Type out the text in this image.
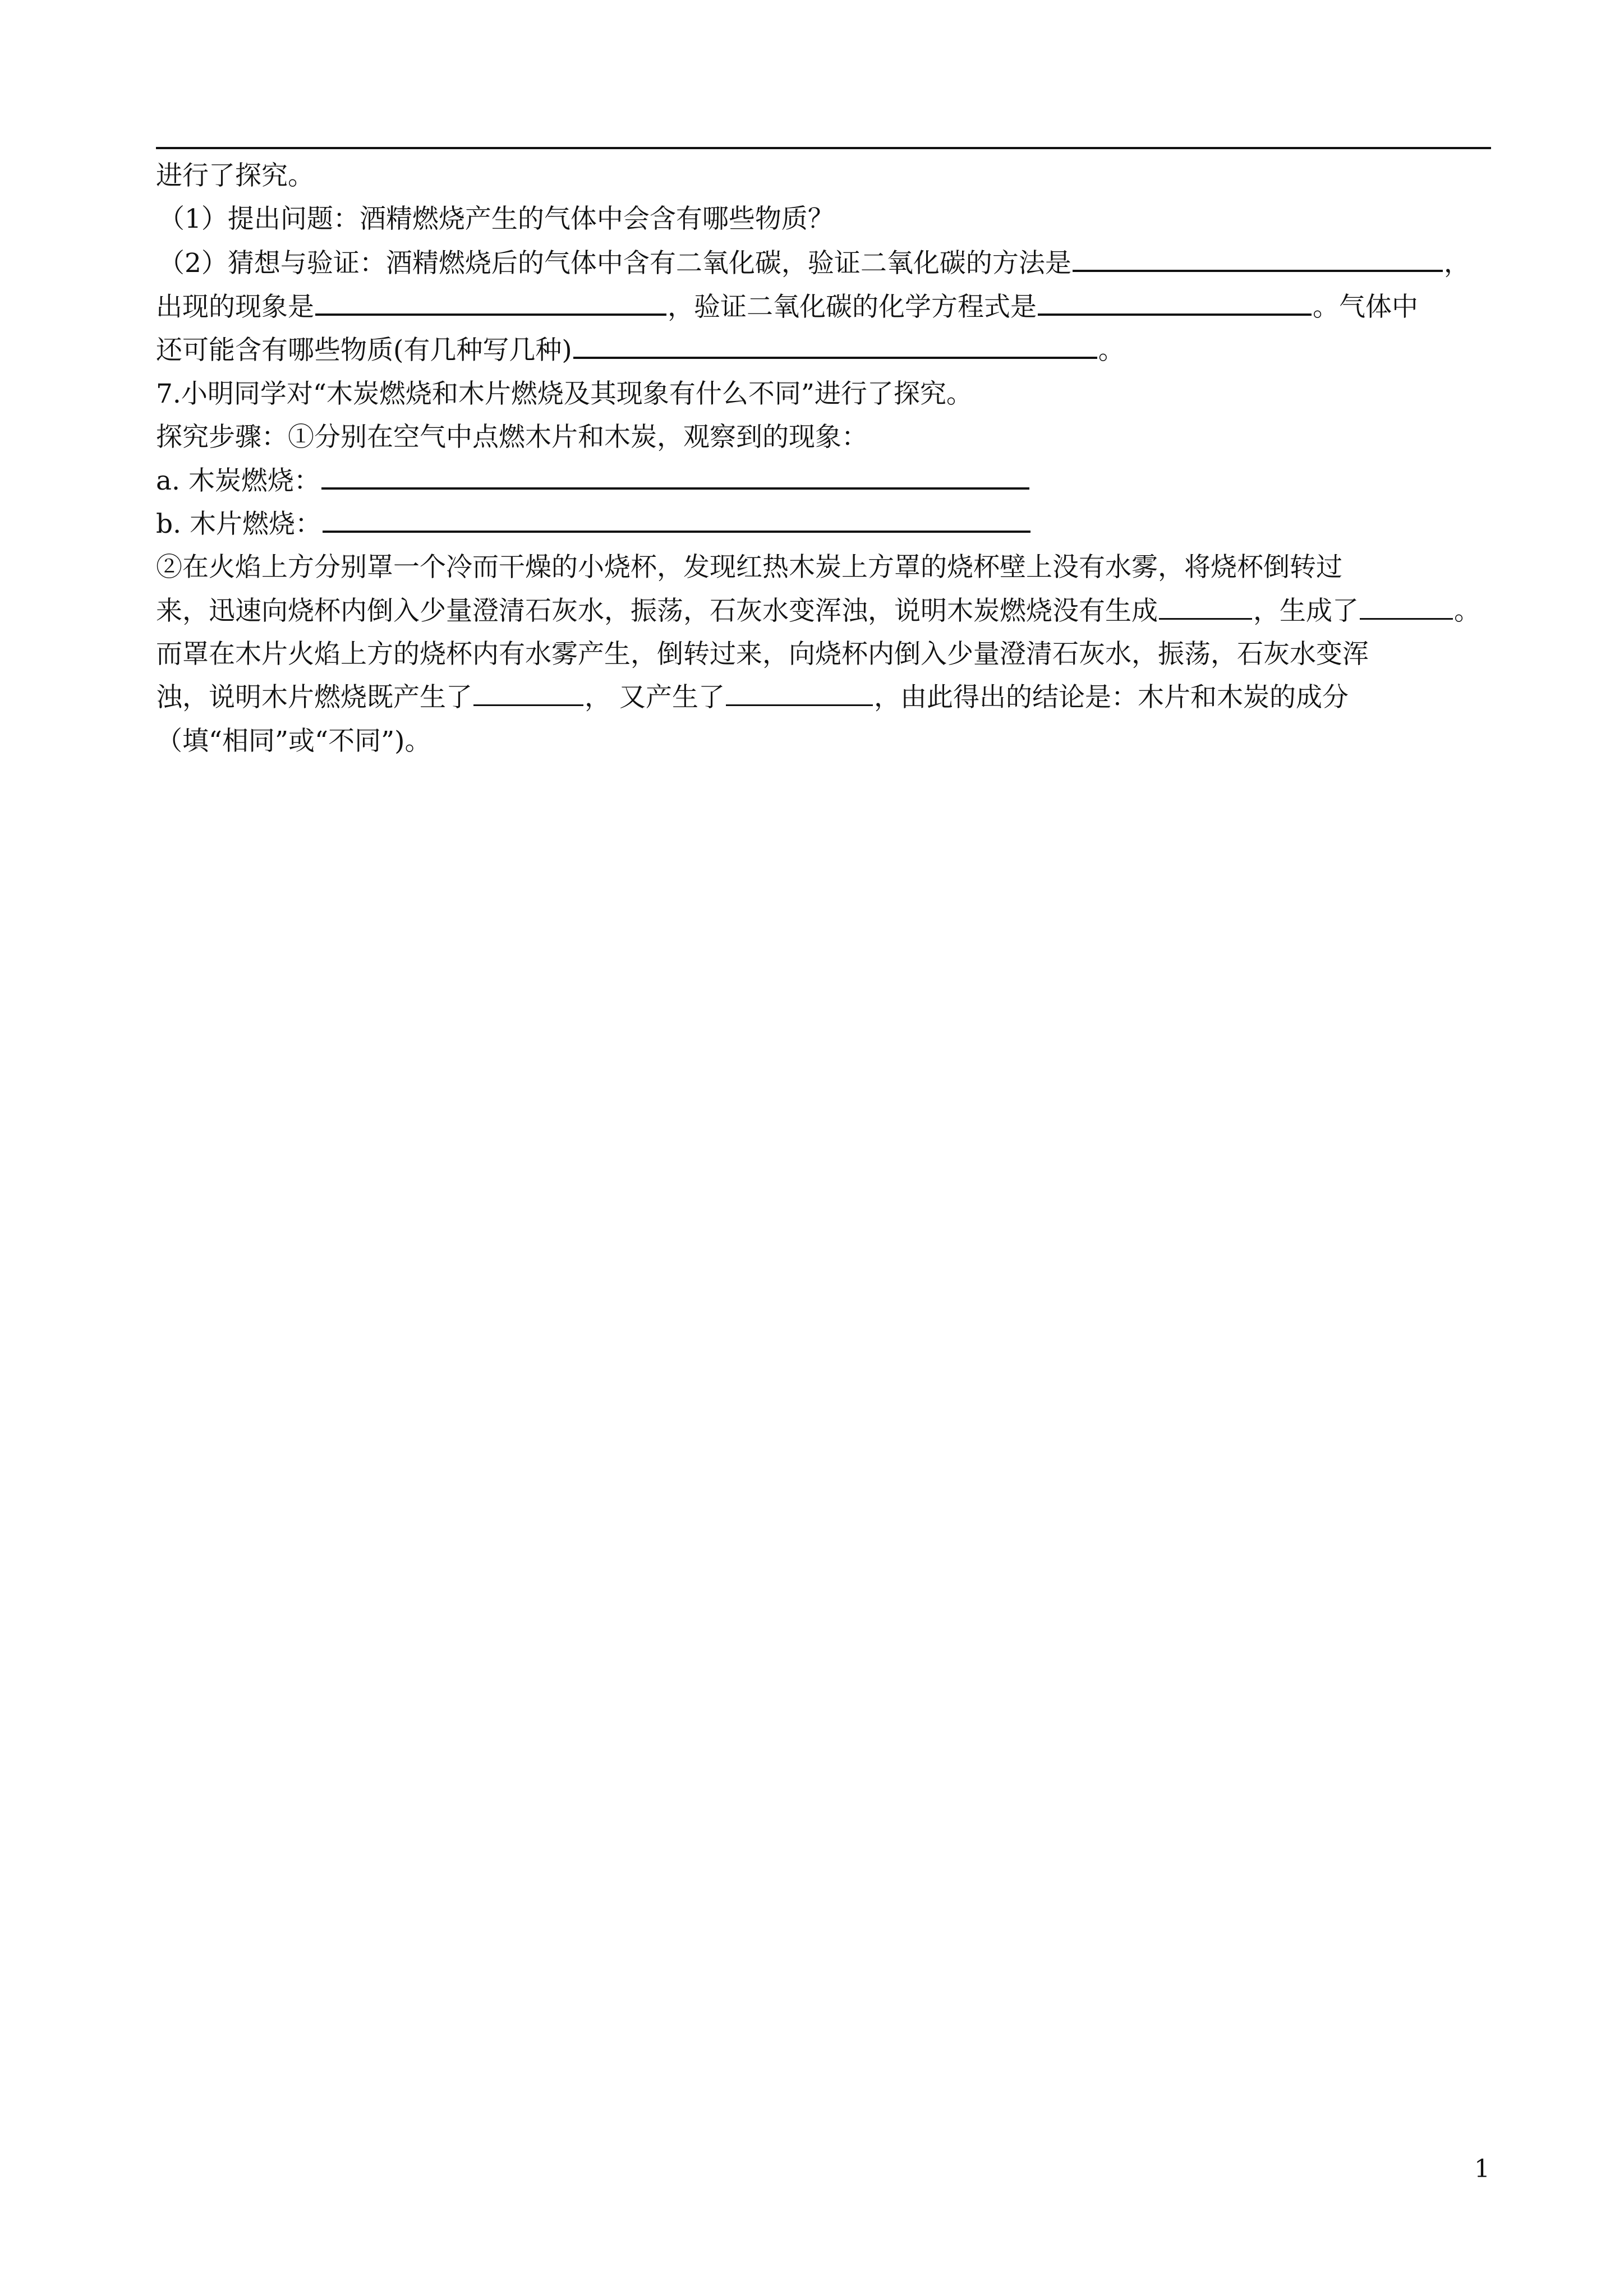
进行了探究。
（1）提出问题：酒精燃烧产生的气体中会含有哪些物质？
（2）猜想与验证：酒精燃烧后的气体中含有二氧化碳，验证二氧化碳的方法是	，
出现的现象是	，验证二氧化碳的化学方程式是	。气体中
还可能含有哪些物质(有几种写几种)	。
7.小明同学对“木炭燃烧和木片燃烧及其现象有什么不同”进行了探究。
探究步骤：①分别在空气中点燃木片和木炭，观察到的现象：
a. 木炭燃烧：
b. 木片燃烧：
②在火焰上方分别罩一个冷而干燥的小烧杯，发现红热木炭上方罩的烧杯壁上没有水雾，将烧杯倒转过
来，迅速向烧杯内倒入少量澄清石灰水，振荡，石灰水变浑浊，说明木炭燃烧没有生成	，生成了	。
而罩在木片火焰上方的烧杯内有水雾产生，倒转过来，向烧杯内倒入少量澄清石灰水，振荡，石灰水变浑
浊，说明木片燃烧既产生了	， 又产生了	，由此得出的结论是：木片和木炭的成分
（填“相同”或“不同”)。
1
